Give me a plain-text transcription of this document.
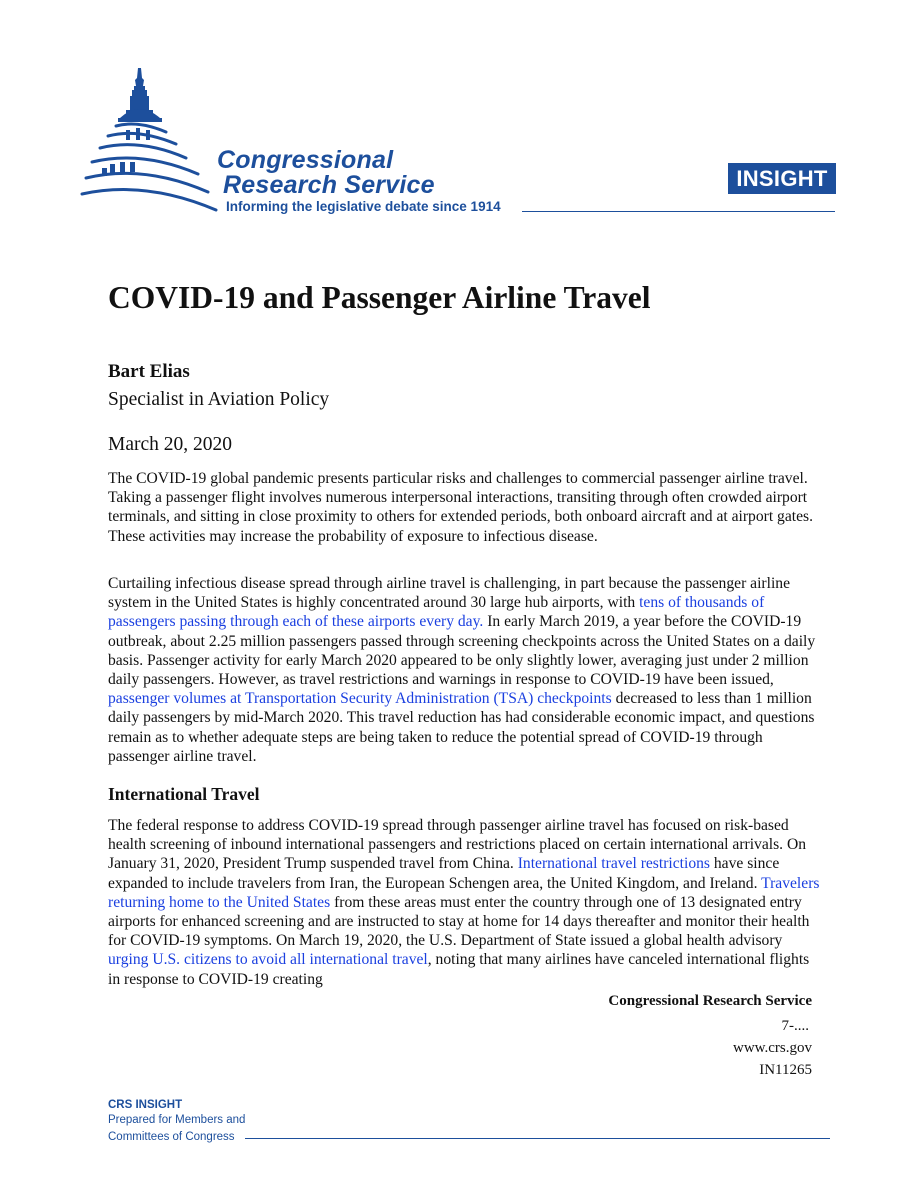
Congressional
Research Service
Informing the legislative debate since 1914
INSIGHT
COVID-19 and Passenger Airline Travel
Bart Elias
Specialist in Aviation Policy
March 20, 2020

The COVID-19 global pandemic presents particular risks and challenges to commercial passenger airline travel. Taking a passenger flight involves numerous interpersonal interactions, transiting through often crowded airport terminals, and sitting in close proximity to others for extended periods, both onboard aircraft and at airport gates. These activities may increase the probability of exposure to infectious disease.

Curtailing infectious disease spread through airline travel is challenging, in part because the passenger airline system in the United States is highly concentrated around 30 large hub airports, with tens of thousands of passengers passing through each of these airports every day. In early March 2019, a year before the COVID-19 outbreak, about 2.25 million passengers passed through screening checkpoints across the United States on a daily basis. Passenger activity for early March 2020 appeared to be only slightly lower, averaging just under 2 million daily passengers. However, as travel restrictions and warnings in response to COVID-19 have been issued, passenger volumes at Transportation Security Administration (TSA) checkpoints decreased to less than 1 million daily passengers by mid-March 2020. This travel reduction has had considerable economic impact, and questions remain as to whether adequate steps are being taken to reduce the potential spread of COVID-19 through passenger airline travel.

International Travel

The federal response to address COVID-19 spread through passenger airline travel has focused on risk-based health screening of inbound international passengers and restrictions placed on certain international arrivals. On January 31, 2020, President Trump suspended travel from China. International travel restrictions have since expanded to include travelers from Iran, the European Schengen area, the United Kingdom, and Ireland. Travelers returning home to the United States from these areas must enter the country through one of 13 designated entry airports for enhanced screening and are instructed to stay at home for 14 days thereafter and monitor their health for COVID-19 symptoms. On March 19, 2020, the U.S. Department of State issued a global health advisory urging U.S. citizens to avoid all international travel, noting that many airlines have canceled international flights in response to COVID-19 creating

Congressional Research Service
7-....
www.crs.gov
IN11265
CRS INSIGHT
Prepared for Members and
Committees of Congress
